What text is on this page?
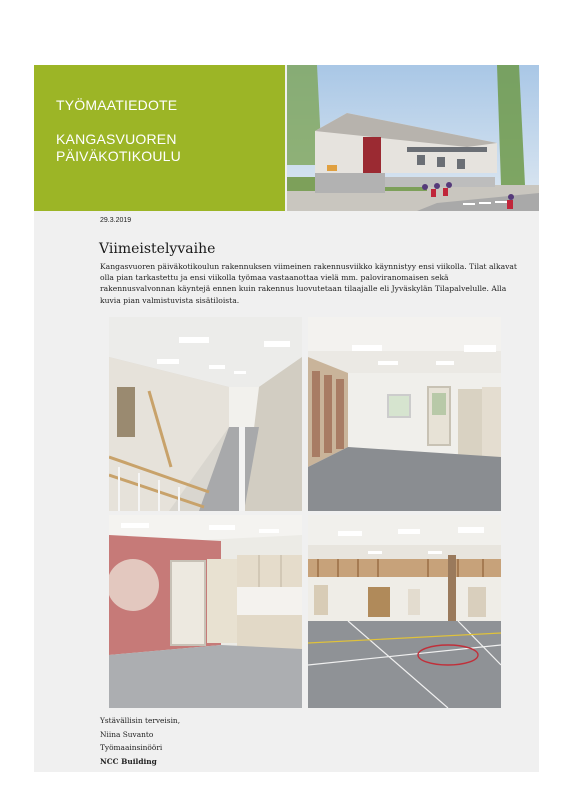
TYÖMAATIEDOTE
KANGASVUOREN PÄIVÄKOTIKOULU
29.3.2019
Viimeistelyvaihe

Kangasvuoren päiväkotikoulun rakennuksen viimeinen rakennusviikko käynnistyy ensi viikolla. Tilat alkavat olla pian tarkastettu ja ensi viikolla työmaa vastaanottaa vielä mm. paloviranomaisen sekä rakennusvalvonnan käyntejä ennen kuin rakennus luovutetaan tilaajalle eli Jyväskylän Tilapalvelulle. Alla kuvia pian valmistuvista sisätiloista.

Ystävällisin terveisin,
Niina Suvanto
Työmaainsinööri
NCC Building
